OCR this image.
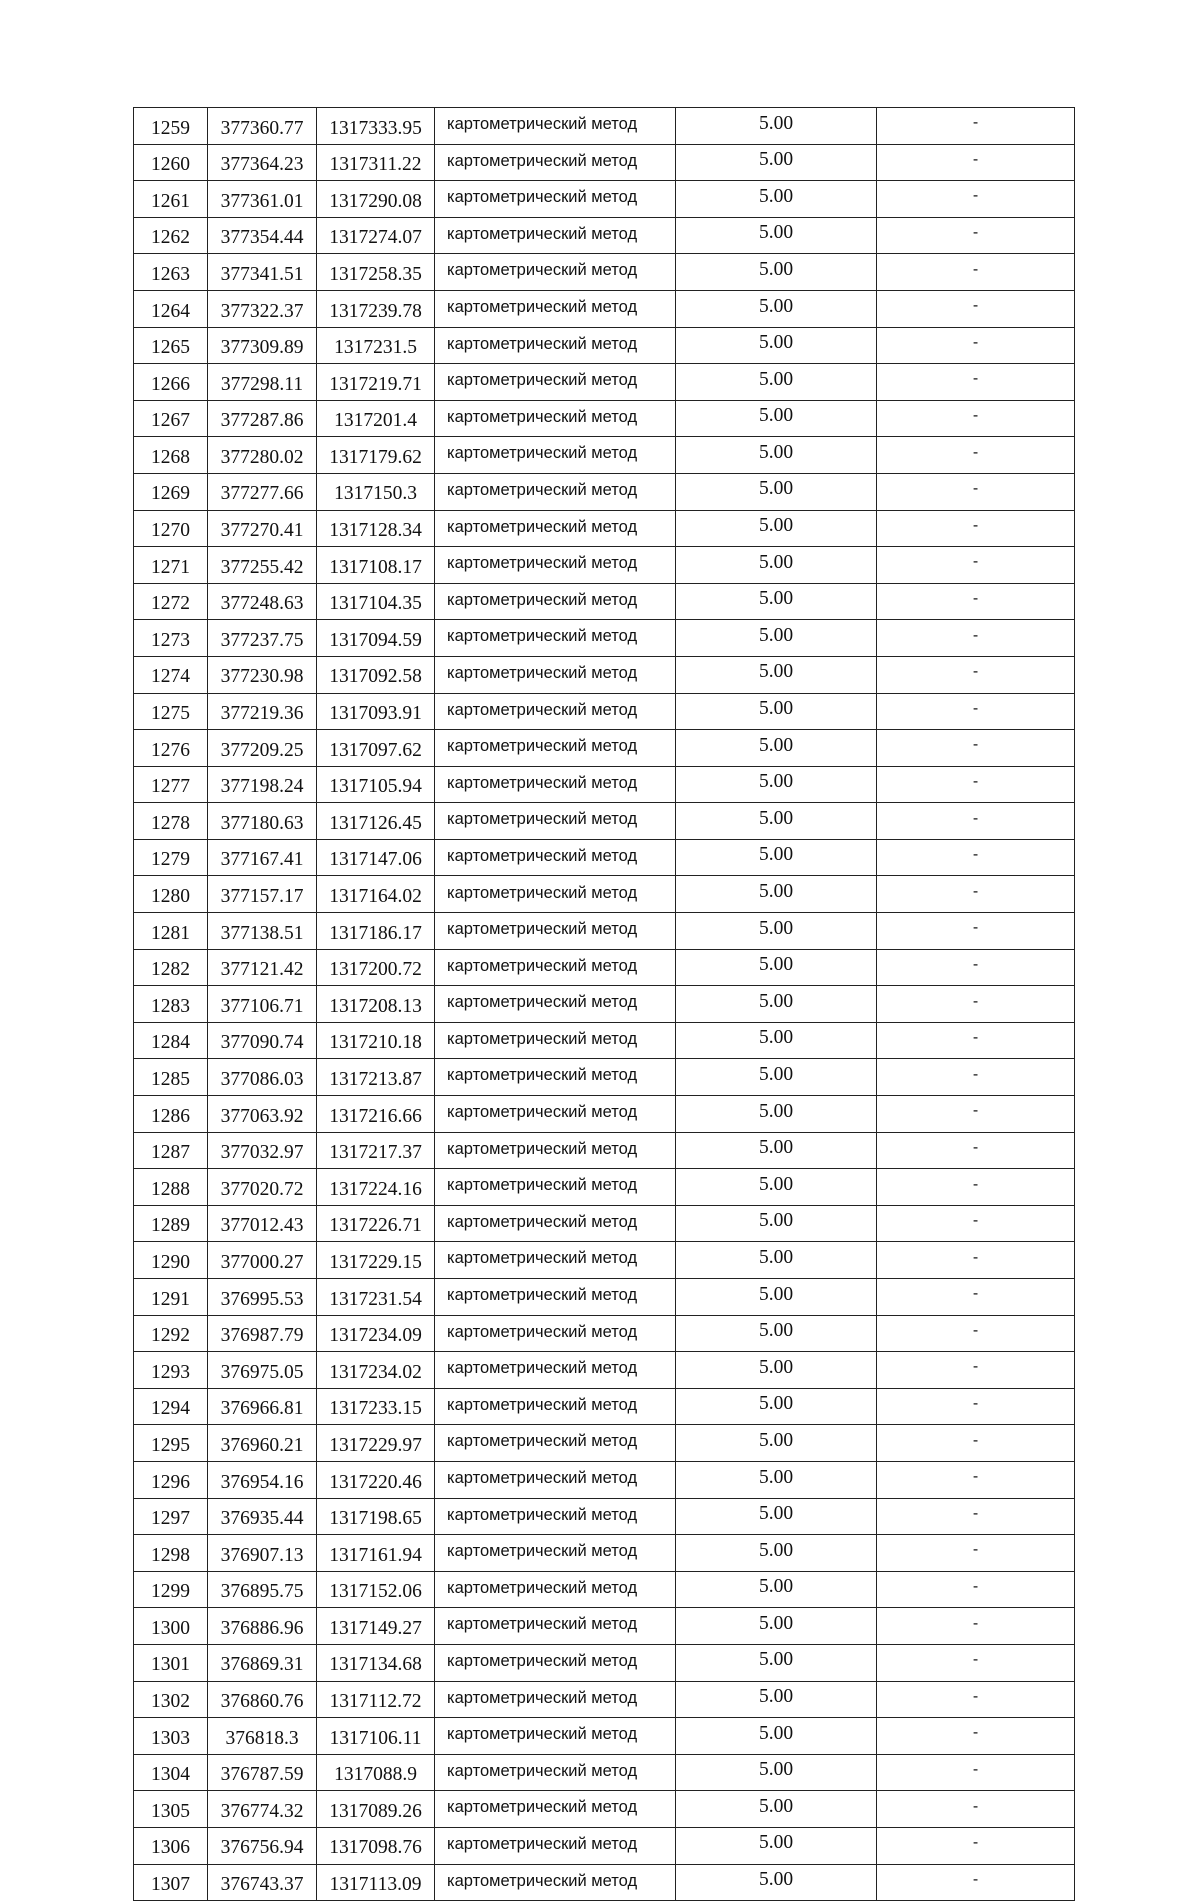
1259	377360.77	1317333.95	картометрический метод	5.00	-
1260	377364.23	1317311.22	картометрический метод	5.00	-
1261	377361.01	1317290.08	картометрический метод	5.00	-
1262	377354.44	1317274.07	картометрический метод	5.00	-
1263	377341.51	1317258.35	картометрический метод	5.00	-
1264	377322.37	1317239.78	картометрический метод	5.00	-
1265	377309.89	1317231.5	картометрический метод	5.00	-
1266	377298.11	1317219.71	картометрический метод	5.00	-
1267	377287.86	1317201.4	картометрический метод	5.00	-
1268	377280.02	1317179.62	картометрический метод	5.00	-
1269	377277.66	1317150.3	картометрический метод	5.00	-
1270	377270.41	1317128.34	картометрический метод	5.00	-
1271	377255.42	1317108.17	картометрический метод	5.00	-
1272	377248.63	1317104.35	картометрический метод	5.00	-
1273	377237.75	1317094.59	картометрический метод	5.00	-
1274	377230.98	1317092.58	картометрический метод	5.00	-
1275	377219.36	1317093.91	картометрический метод	5.00	-
1276	377209.25	1317097.62	картометрический метод	5.00	-
1277	377198.24	1317105.94	картометрический метод	5.00	-
1278	377180.63	1317126.45	картометрический метод	5.00	-
1279	377167.41	1317147.06	картометрический метод	5.00	-
1280	377157.17	1317164.02	картометрический метод	5.00	-
1281	377138.51	1317186.17	картометрический метод	5.00	-
1282	377121.42	1317200.72	картометрический метод	5.00	-
1283	377106.71	1317208.13	картометрический метод	5.00	-
1284	377090.74	1317210.18	картометрический метод	5.00	-
1285	377086.03	1317213.87	картометрический метод	5.00	-
1286	377063.92	1317216.66	картометрический метод	5.00	-
1287	377032.97	1317217.37	картометрический метод	5.00	-
1288	377020.72	1317224.16	картометрический метод	5.00	-
1289	377012.43	1317226.71	картометрический метод	5.00	-
1290	377000.27	1317229.15	картометрический метод	5.00	-
1291	376995.53	1317231.54	картометрический метод	5.00	-
1292	376987.79	1317234.09	картометрический метод	5.00	-
1293	376975.05	1317234.02	картометрический метод	5.00	-
1294	376966.81	1317233.15	картометрический метод	5.00	-
1295	376960.21	1317229.97	картометрический метод	5.00	-
1296	376954.16	1317220.46	картометрический метод	5.00	-
1297	376935.44	1317198.65	картометрический метод	5.00	-
1298	376907.13	1317161.94	картометрический метод	5.00	-
1299	376895.75	1317152.06	картометрический метод	5.00	-
1300	376886.96	1317149.27	картометрический метод	5.00	-
1301	376869.31	1317134.68	картометрический метод	5.00	-
1302	376860.76	1317112.72	картометрический метод	5.00	-
1303	376818.3	1317106.11	картометрический метод	5.00	-
1304	376787.59	1317088.9	картометрический метод	5.00	-
1305	376774.32	1317089.26	картометрический метод	5.00	-
1306	376756.94	1317098.76	картометрический метод	5.00	-
1307	376743.37	1317113.09	картометрический метод	5.00	-
